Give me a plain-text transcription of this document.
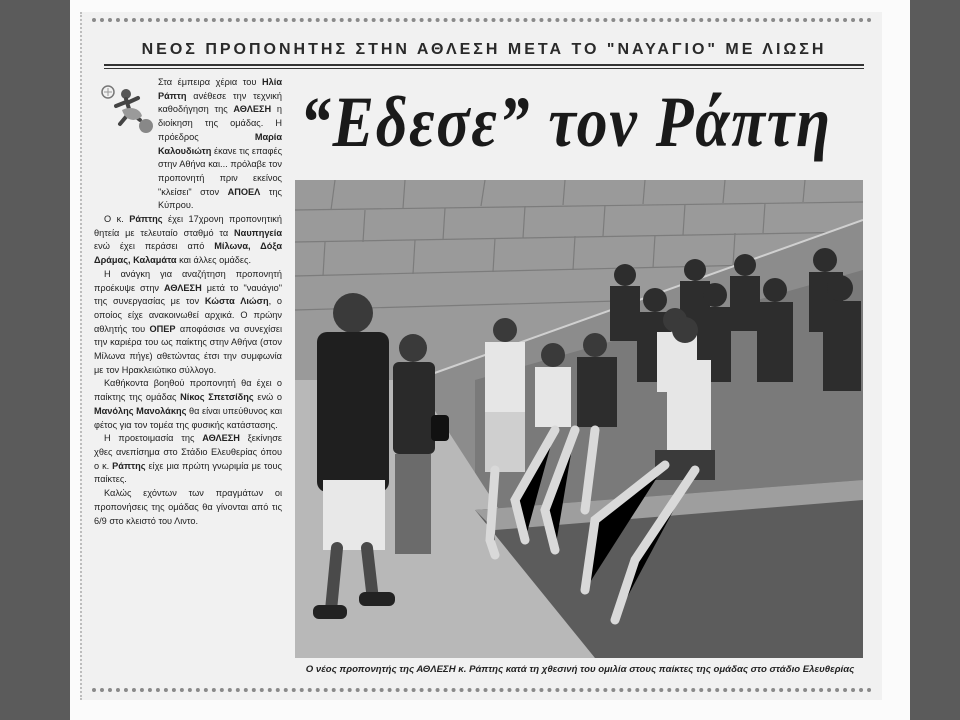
ΝΕΟΣ ΠΡΟΠΟΝΗΤΗΣ ΣΤΗΝ ΑΘΛΕΣΗ ΜΕΤΑ ΤΟ "ΝΑΥΑΓΙΟ" ΜΕ ΛΙΩΣΗ

Στα έμπειρα χέρια του Ηλία Ράπτη ανέθεσε την τεχνική καθοδήγηση της ΑΘΛΕΣΗ η διοίκηση της ομάδας. Η πρόεδρος Μαρία Καλουδιώτη έκανε τις επαφές στην Αθήνα και... πρόλαβε τον προπονητή πριν εκείνος "κλείσει" στον ΑΠΟΕΛ της Κύπρου.

Ο κ. Ράπτης έχει 17χρονη προπονητική θητεία με τελευταίο σταθμό τα Ναυπηγεία ενώ έχει περάσει από Μίλωνα, Δόξα Δράμας, Καλαμάτα και άλλες ομάδες.

Η ανάγκη για αναζήτηση προπονητή προέκυψε στην ΑΘΛΕΣΗ μετά το "ναυάγιο" της συνεργασίας με τον Κώστα Λιώση, ο οποίος είχε ανακοινωθεί αρχικά. Ο πρώην αθλητής του ΟΠΕΡ αποφάσισε να συνεχίσει την καριέρα του ως παίκτης στην Αθήνα (στον Μίλωνα πήγε) αθετώντας έτσι την συμφωνία με τον Ηρακλειώτικο σύλλογο.

Καθήκοντα βοηθού προπονητή θα έχει ο παίκτης της ομάδας Νίκος Σπετσίδης ενώ ο Μανόλης Μανολάκης θα είναι υπεύθυνος και φέτος για τον τομέα της φυσικής κατάστασης.

Η προετοιμασία της ΑΘΛΕΣΗ ξεκίνησε χθες ανεπίσημα στο Στάδιο Ελευθερίας όπου ο κ. Ράπτης είχε μια πρώτη γνωριμία με τους παίκτες.

Καλώς εχόντων των πραγμάτων οι προπονήσεις της ομάδας θα γίνονται από τις 6/9 στο κλειστό του Λιντο.

“Εδεσε” τον Ράπτη
Ο νέος προπονητής της ΑΘΛΕΣΗ κ. Ράπτης κατά τη χθεσινή του ομιλία στους παίκτες της ομάδας στο στάδιο Ελευθερίας
